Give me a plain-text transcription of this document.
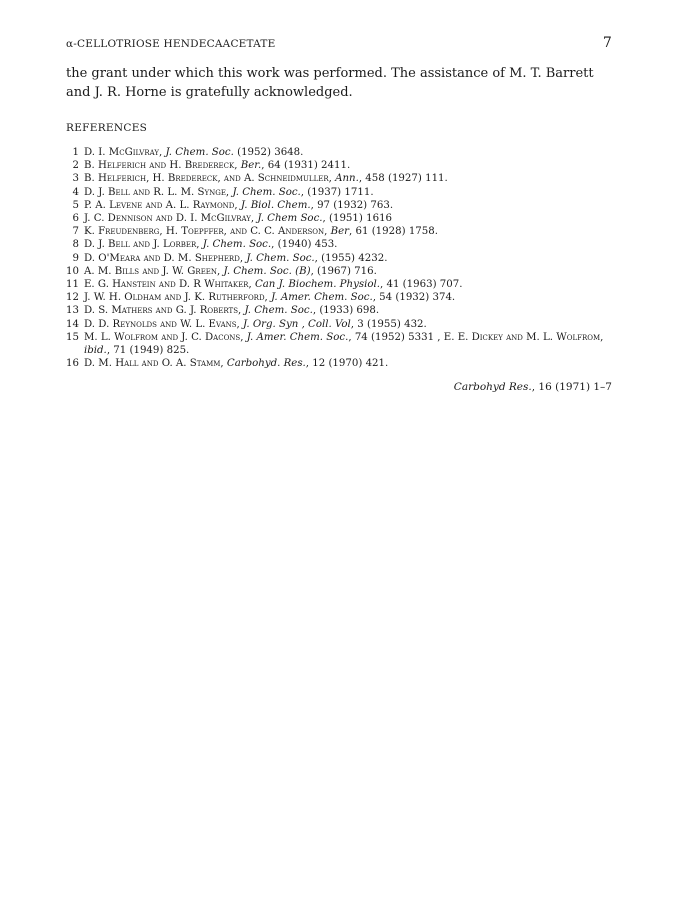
α-CELLOTRIOSE HENDECAACETATE	7
the grant under which this work was performed. The assistance of M. T. Barrett and J. R. Horne is gratefully acknowledged.
REFERENCES
1 D. I. McGilvray, J. Chem. Soc. (1952) 3648.
2 B. Helferich and H. Bredereck, Ber., 64 (1931) 2411.
3 B. Helferich, H. Bredereck, and A. Schneidmuller, Ann., 458 (1927) 111.
4 D. J. Bell and R. L. M. Synge, J. Chem. Soc., (1937) 1711.
5 P. A. Levene and A. L. Raymond, J. Biol. Chem., 97 (1932) 763.
6 J. C. Dennison and D. I. McGilvray, J. Chem Soc., (1951) 1616
7 K. Freudenberg, H. Toepffer, and C. C. Anderson, Ber, 61 (1928) 1758.
8 D. J. Bell and J. Lorber, J. Chem. Soc., (1940) 453.
9 D. O'Meara and D. M. Shepherd, J. Chem. Soc., (1955) 4232.
10 A. M. Bills and J. W. Green, J. Chem. Soc. (B), (1967) 716.
11 E. G. Hanstein and D. R Whitaker, Can J. Biochem. Physiol., 41 (1963) 707.
12 J. W. H. Oldham and J. K. Rutherford, J. Amer. Chem. Soc., 54 (1932) 374.
13 D. S. Mathers and G. J. Roberts, J. Chem. Soc., (1933) 698.
14 D. D. Reynolds and W. L. Evans, J. Org. Syn , Coll. Vol, 3 (1955) 432.
15 M. L. Wolfrom and J. C. Dacons, J. Amer. Chem. Soc., 74 (1952) 5331 , E. E. Dickey and M. L. Wolfrom, ibid., 71 (1949) 825.
16 D. M. Hall and O. A. Stamm, Carbohyd. Res., 12 (1970) 421.
Carbohyd Res., 16 (1971) 1–7
